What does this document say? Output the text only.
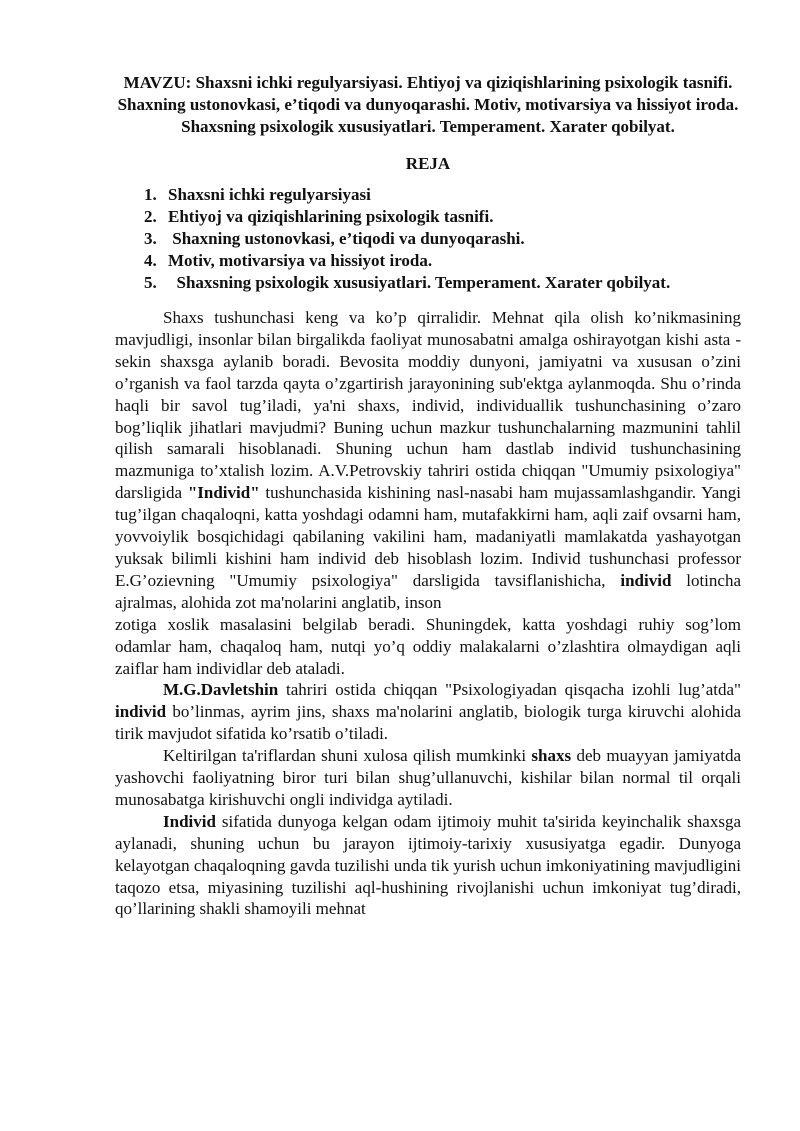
MAVZU: Shaxsni ichki regulyarsiyasi. Ehtiyoj va qiziqishlarining psixologik tasnifi. Shaxning ustonovkasi, e’tiqodi va dunyoqarashi. Motiv, motivarsiya va hissiyot iroda. Shaxsning psixologik xususiyatlari. Temperament. Xarater qobilyat.

REJA

1. Shaxsni ichki regulyarsiyasi
2. Ehtiyoj va qiziqishlarining psixologik tasnifi.
3. Shaxning ustonovkasi, e’tiqodi va dunyoqarashi.
4. Motiv, motivarsiya va hissiyot iroda.
5. Shaxsning psixologik xususiyatlari. Temperament. Xarater qobilyat.

Shaxs tushunchasi keng va ko’p qirralidir. Mehnat qila olish ko’nikmasining mavjudligi, insonlar bilan birgalikda faoliyat munosabatni amalga oshirayotgan kishi asta - sekin shaxsga aylanib boradi. Bevosita moddiy dunyoni, jamiyatni va xususan o’zini o’rganish va faol tarzda qayta o’zgartirish jarayonining sub'ektga aylanmoqda. Shu o’rinda haqli bir savol tug’iladi, ya'ni shaxs, individ, individuallik tushunchasining o’zaro bog’liqlik jihatlari mavjudmi? Buning uchun mazkur tushunchalarning mazmunini tahlil qilish samarali hisoblanadi. Shuning uchun ham dastlab individ tushunchasining mazmuniga to’xtalish lozim. A.V.Petrovskiy tahriri ostida chiqqan "Umumiy psixologiya" darsligida "Individ" tushunchasida kishining nasl-nasabi ham mujassamlashgandir. Yangi tug’ilgan chaqaloqni, katta yoshdagi odamni ham, mutafakkirni ham, aqli zaif ovsarni ham, yovvoiylik bosqichidagi qabilaning vakilini ham, madaniyatli mamlakatda yashayotgan yuksak bilimli kishini ham individ deb hisoblash lozim. Individ tushunchasi professor E.G’ozievning "Umumiy psixologiya" darsligida tavsiflanishicha, individ lotincha ajralmas, alohida zot ma'nolarini anglatib, inson

zotiga xoslik masalasini belgilab beradi. Shuningdek, katta yoshdagi ruhiy sog’lom odamlar ham, chaqaloq ham, nutqi yo’q oddiy malakalarni o’zlashtira olmaydigan aqli zaiflar ham individlar deb ataladi.

M.G.Davletshin tahriri ostida chiqqan "Psixologiyadan qisqacha izohli lug’atda" individ bo’linmas, ayrim jins, shaxs ma'nolarini anglatib, biologik turga kiruvchi alohida tirik mavjudot sifatida ko’rsatib o’tiladi.

Keltirilgan ta'riflardan shuni xulosa qilish mumkinki shaxs deb muayyan jamiyatda yashovchi faoliyatning biror turi bilan shug’ullanuvchi, kishilar bilan normal til orqali munosabatga kirishuvchi ongli individga aytiladi.

Individ sifatida dunyoga kelgan odam ijtimoiy muhit ta'sirida keyinchalik shaxsga aylanadi, shuning uchun bu jarayon ijtimoiy-tarixiy xususiyatga egadir. Dunyoga kelayotgan chaqaloqning gavda tuzilishi unda tik yurish uchun imkoniyatining mavjudligini taqozo etsa, miyasining tuzilishi aql-hushining rivojlanishi uchun imkoniyat tug’diradi, qo’llarining shakli shamoyili mehnat
